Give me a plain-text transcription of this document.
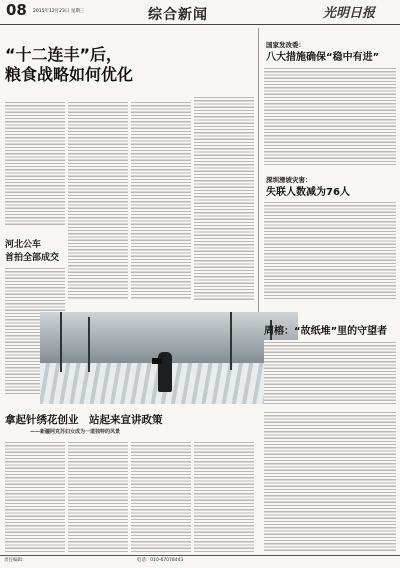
08 2015年12月23日 星期三	综合新闻	光明日报
“十二连丰”后，
粮食战略如何优化
国家发改委：
八大措施确保“稳中有进”
深圳滑坡灾害：
失联人数减为76人
河北公车
首拍全部成交
周榕：“故纸堆”里的守望者
拿起针绣花创业　站起来宣讲政策
——新疆阿克苏妇女成为一道独特的风景
责任编辑：　　　　　　　　　　　　　　　　　　　　　　　　　电话：010-67078443
